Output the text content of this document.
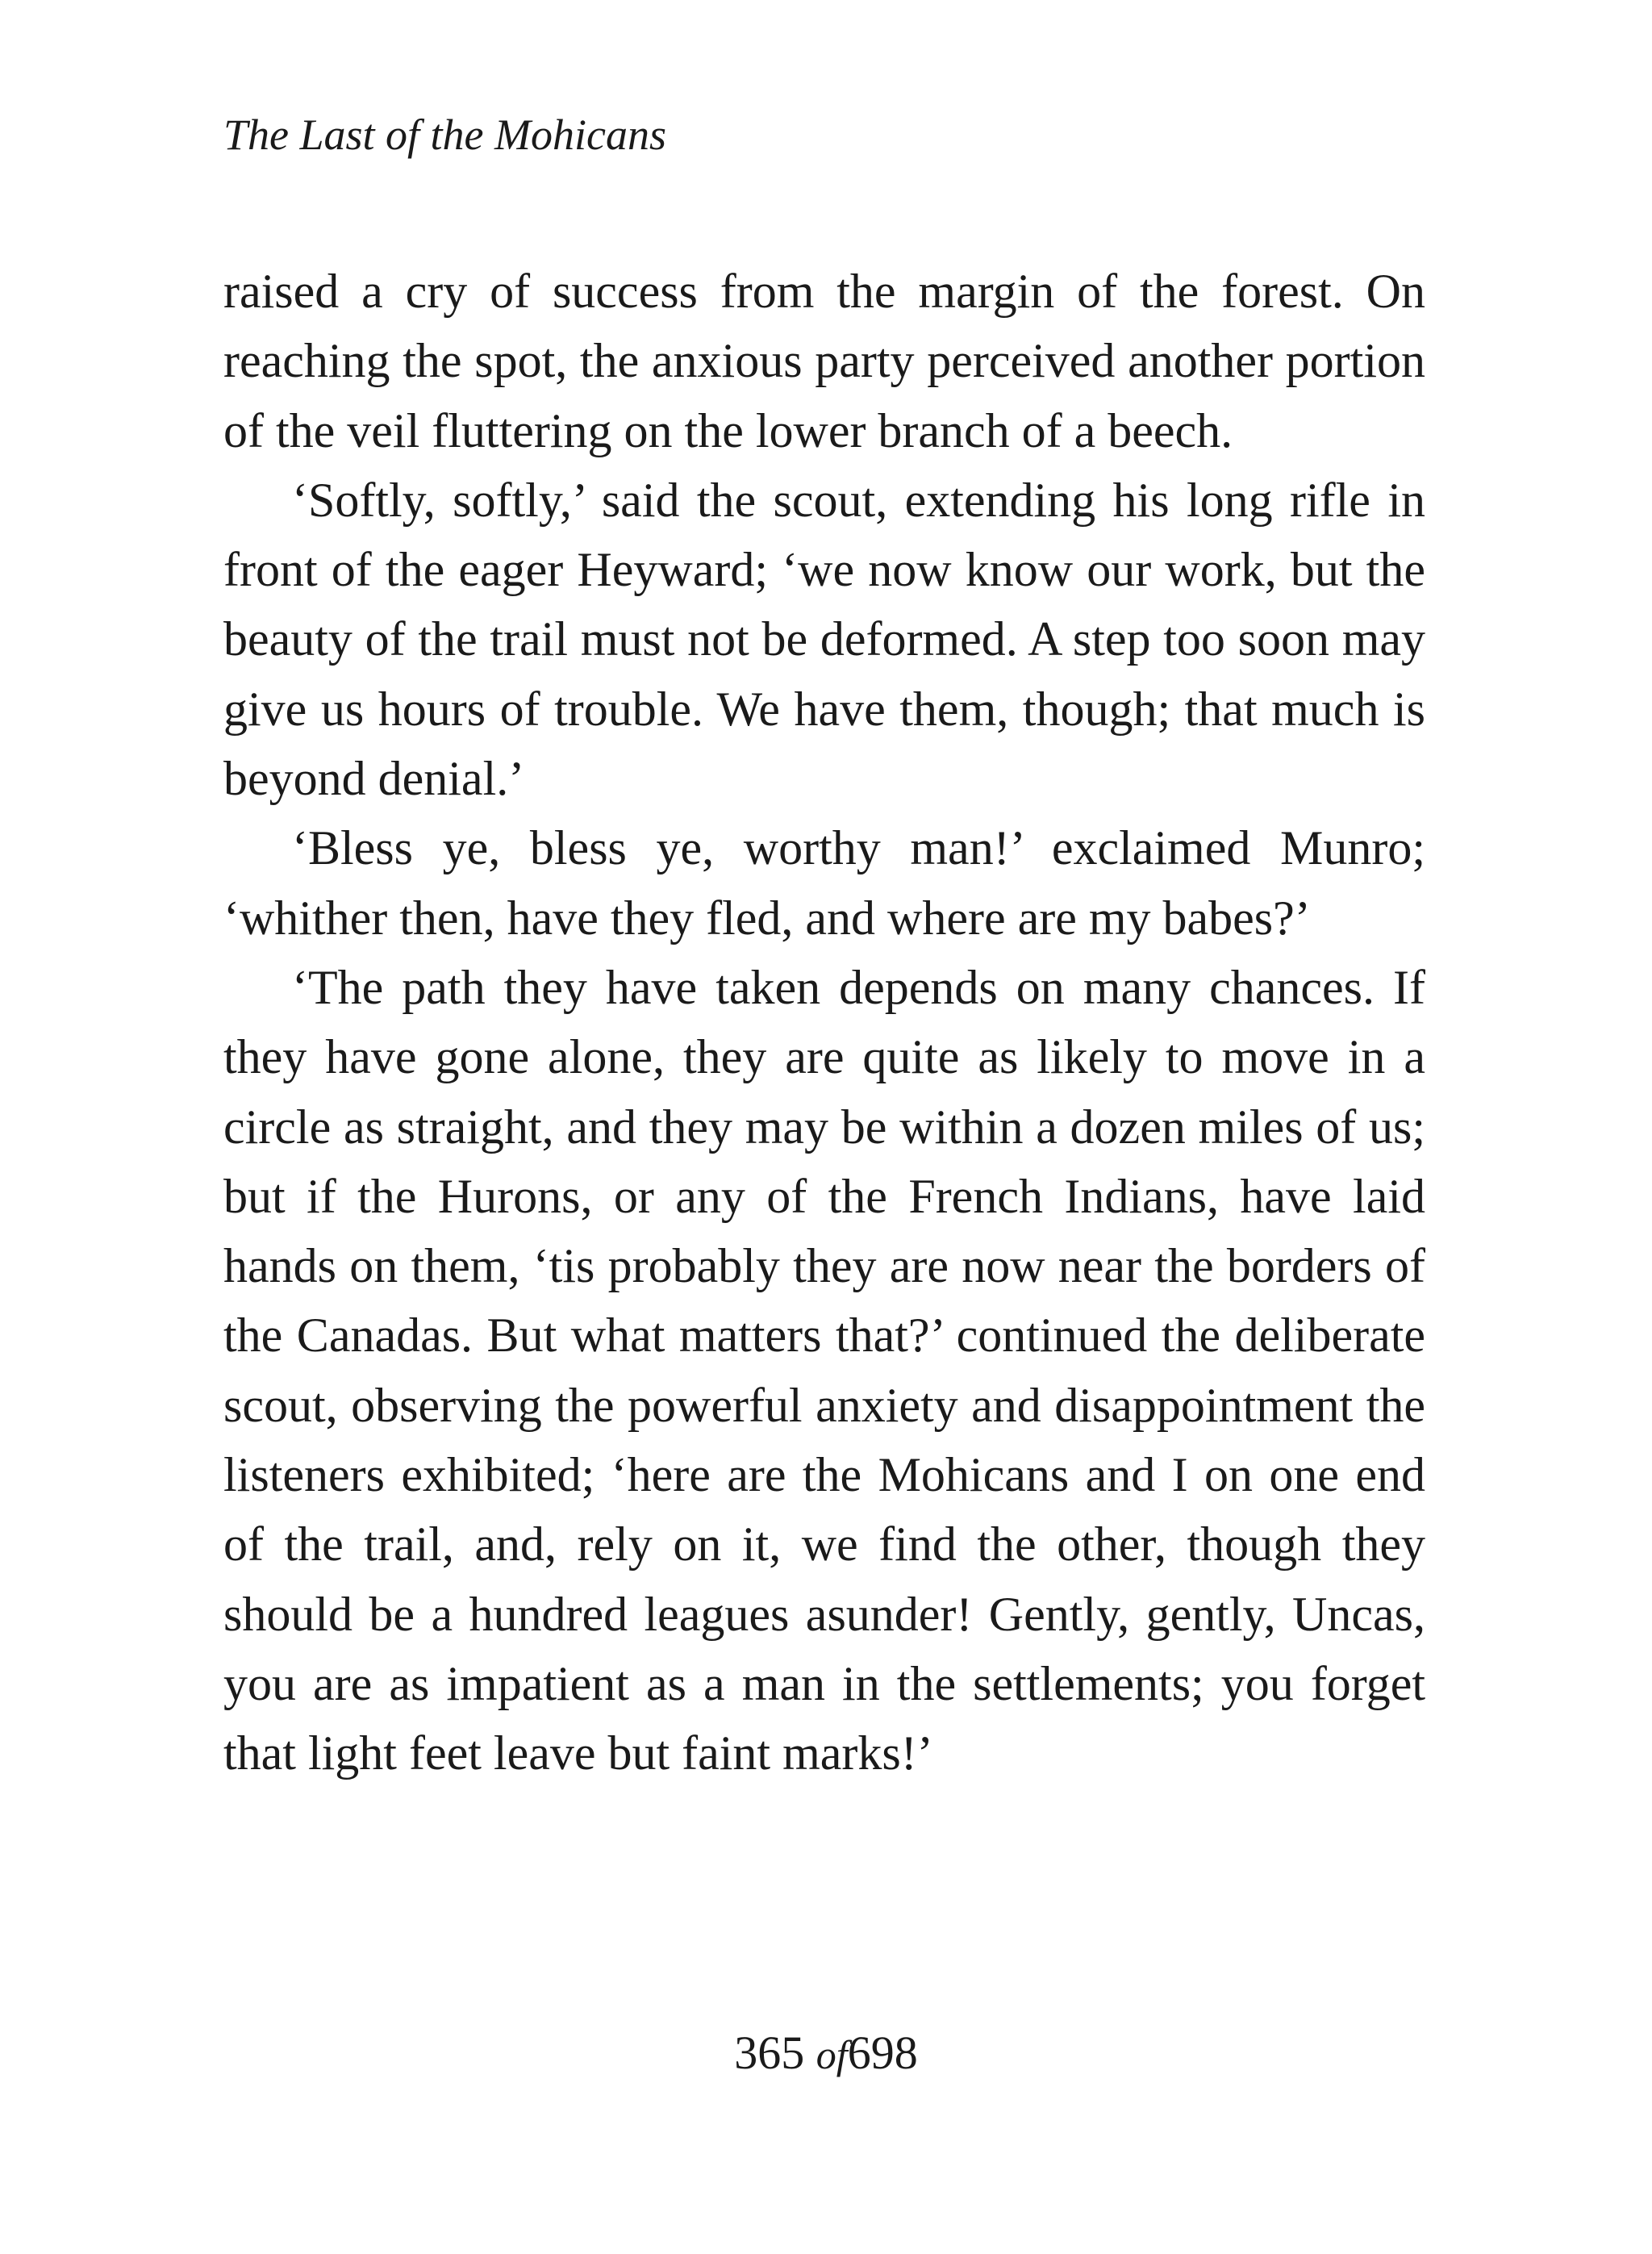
The Last of the Mohicans

raised a cry of success from the margin of the forest. On reaching the spot, the anxious party perceived another portion of the veil fluttering on the lower branch of a beech.

‘Softly, softly,’ said the scout, extending his long rifle in front of the eager Heyward; ‘we now know our work, but the beauty of the trail must not be deformed. A step too soon may give us hours of trouble. We have them, though; that much is beyond denial.’

‘Bless ye, bless ye, worthy man!’ exclaimed Munro; ‘whither then, have they fled, and where are my babes?’

‘The path they have taken depends on many chances. If they have gone alone, they are quite as likely to move in a circle as straight, and they may be within a dozen miles of us; but if the Hurons, or any of the French Indians, have laid hands on them, ‘tis probably they are now near the borders of the Canadas. But what matters that?’ continued the deliberate scout, observing the powerful anxiety and disappointment the listeners exhibited; ‘here are the Mohicans and I on one end of the trail, and, rely on it, we find the other, though they should be a hundred leagues asunder! Gently, gently, Uncas, you are as impatient as a man in the settlements; you forget that light feet leave but faint marks!’

365 of698
